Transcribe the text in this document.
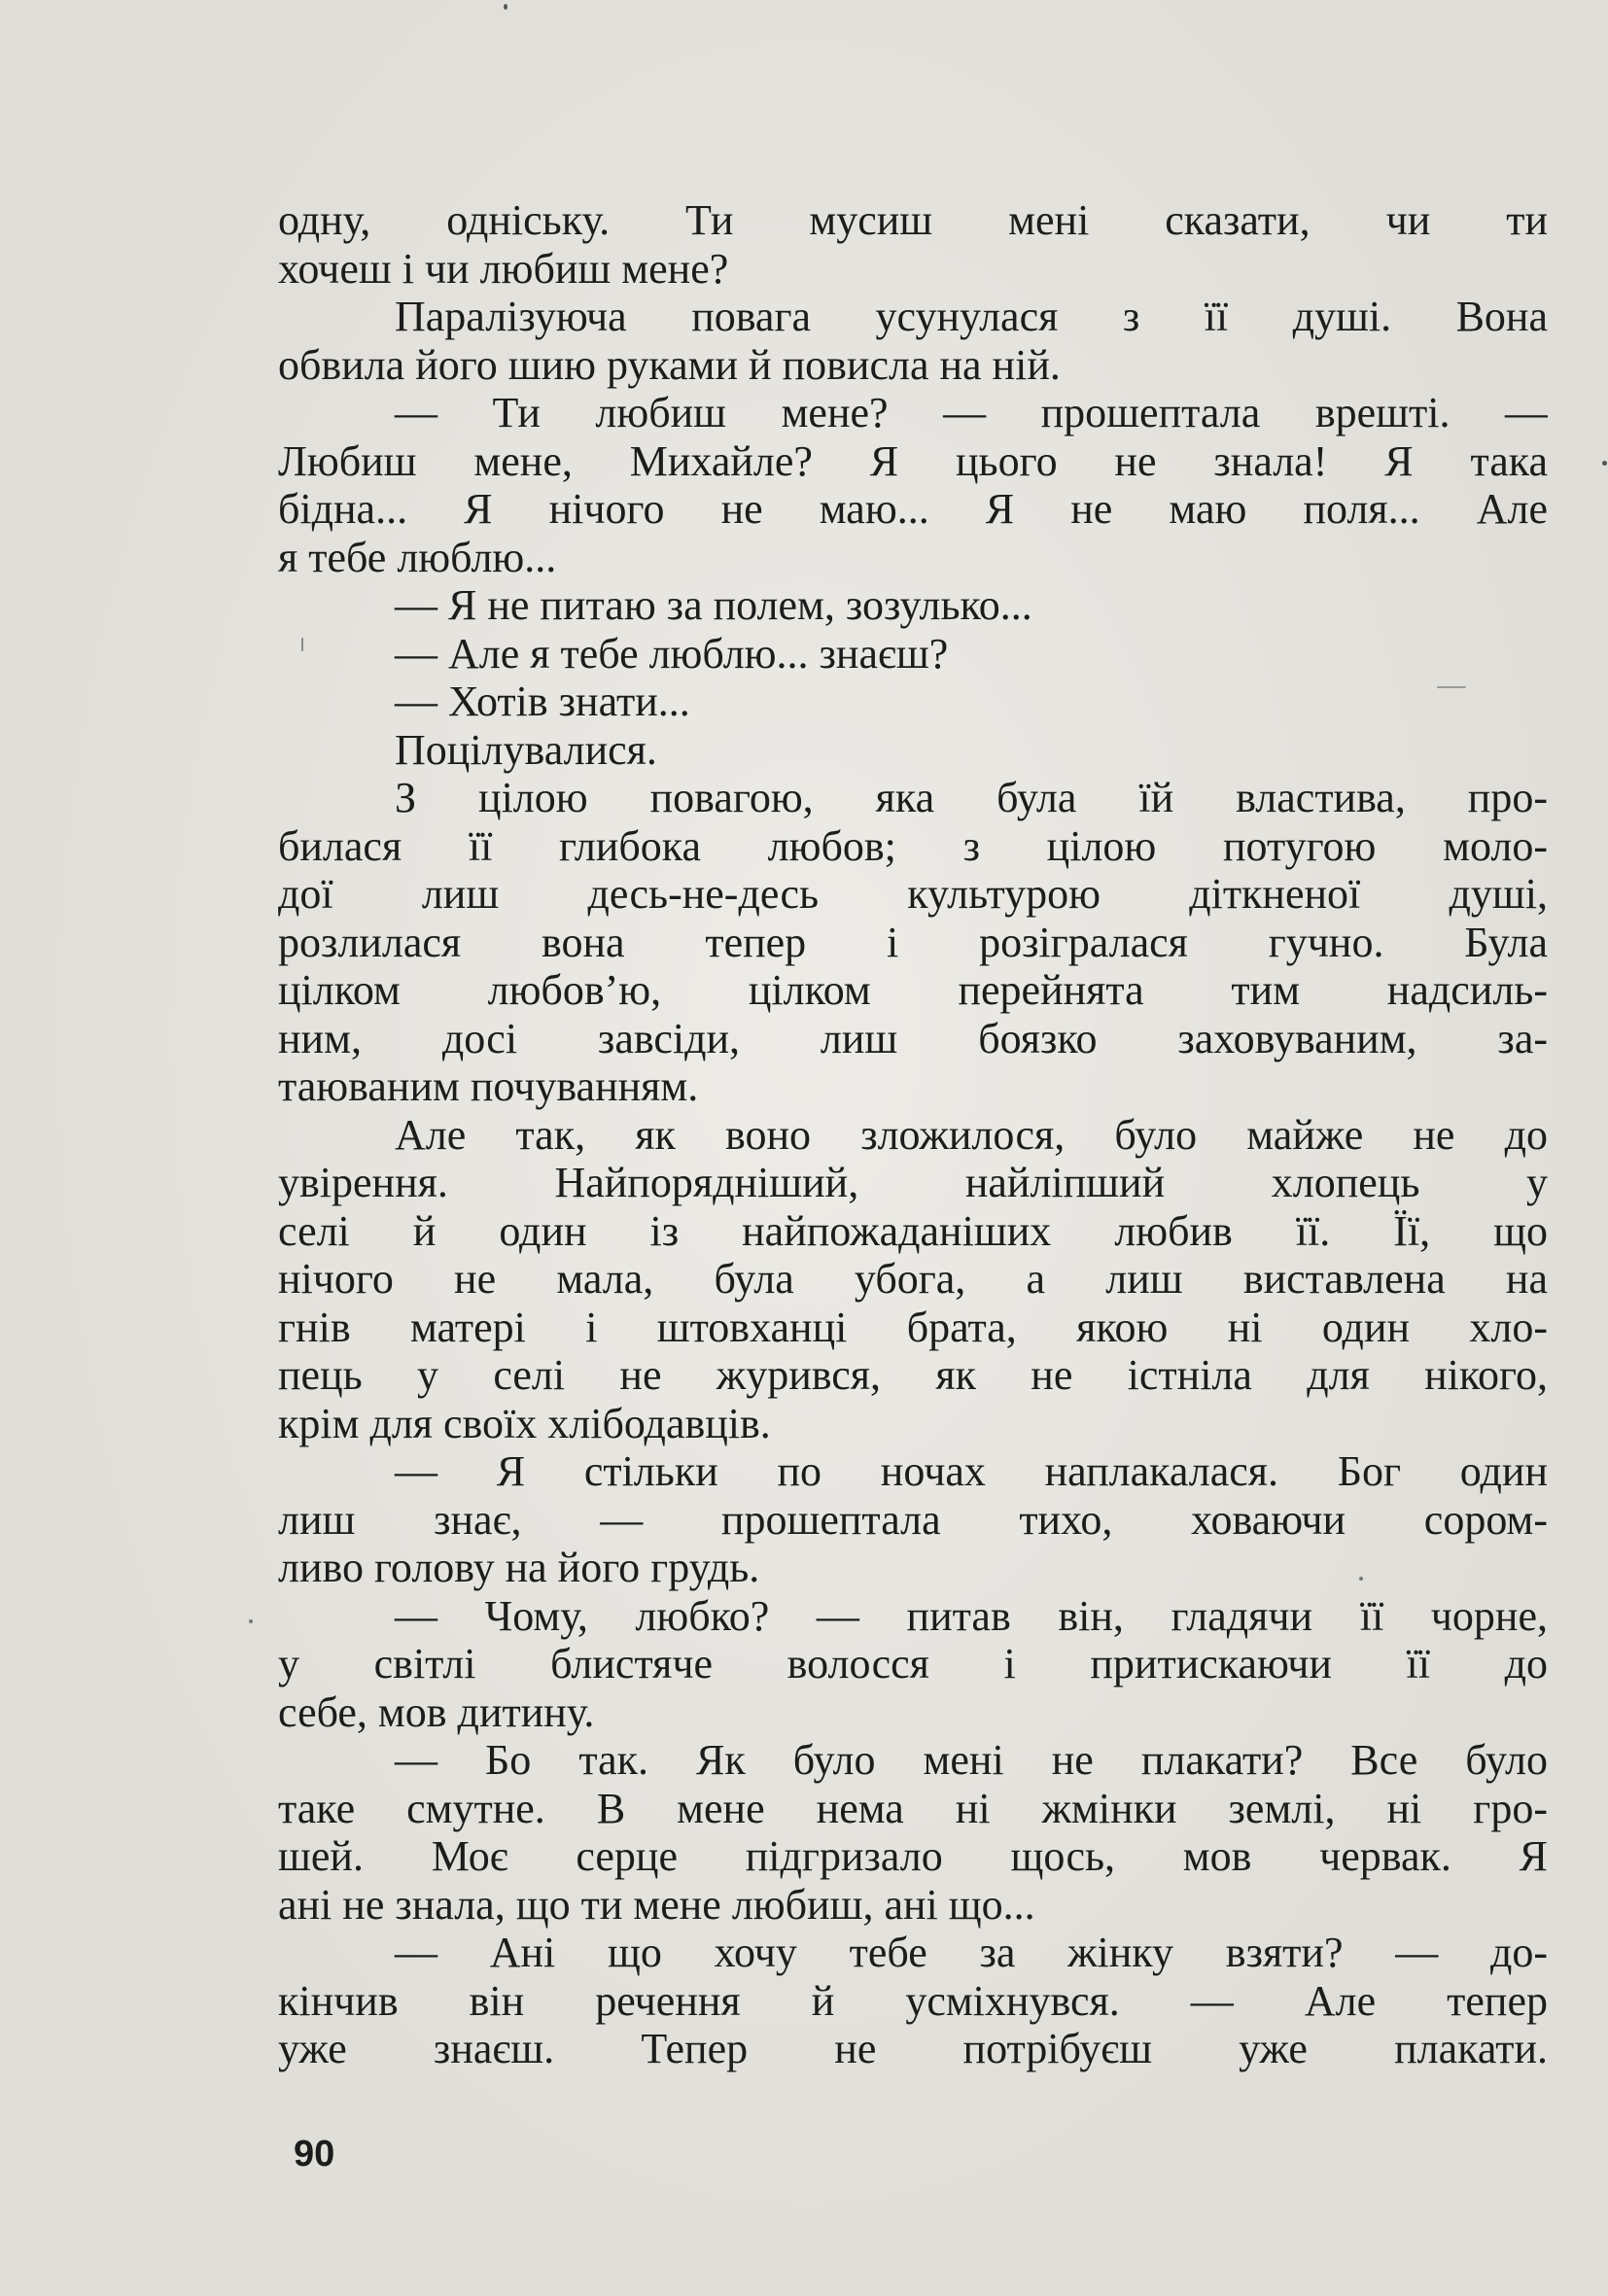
одну, однiську. Ти мусиш менi сказати, чи ти
хочеш і чи любиш мене?
Паралізуюча повага усунулася з її душі. Вона
обвила його шию руками й повисла на ній.
— Ти любиш мене? — прошептала врешті. —
Любиш мене, Михайле? Я цього не знала! Я така
бідна... Я нічого не маю... Я не маю поля... Але
я тебе люблю...
— Я не питаю за полем, зозулько...
— Але я тебе люблю... знаєш?
— Хотів знати...
Поцілувалися.
З цілою повагою, яка була їй властива, про-
билася її глибока любов; з цілою потугою моло-
дої лиш десь-не-десь культурою діткненої душі,
розлилася вона тепер і розігралася гучно. Була
цілком любов’ю, цілком перейнята тим надсиль-
ним, досі завсіди, лиш боязко заховуваним, за-
таюваним почуванням.
Але так, як воно зложилося, було майже не до
увірення. Найпорядніший, найліпший хлопець у
селі й один із найпожаданіших любив її. Її, що
нічого не мала, була убога, а лиш виставлена на
гнів матері і штовханці брата, якою ні один хло-
пець у селі не журився, як не істніла для нікого,
крім для своїх хлібодавців.
— Я стільки по ночах наплакалася. Бог один
лиш знає, — прошептала тихо, ховаючи сором-
ливо голову на його грудь.
— Чому, любко? — питав він, гладячи її чорне,
у світлі блистяче волосся і притискаючи її до
себе, мов дитину.
— Бо так. Як було мені не плакати? Все було
таке смутне. В мене нема ні жмінки землі, ні гро-
шей. Моє серце підгризало щось, мов червак. Я
ані не знала, що ти мене любиш, ані що...
— Ані що хочу тебе за жінку взяти? — до-
кінчив він речення й усміхнувся. — Але тепер
уже знаєш. Тепер не потрібуєш уже плакати.
90
